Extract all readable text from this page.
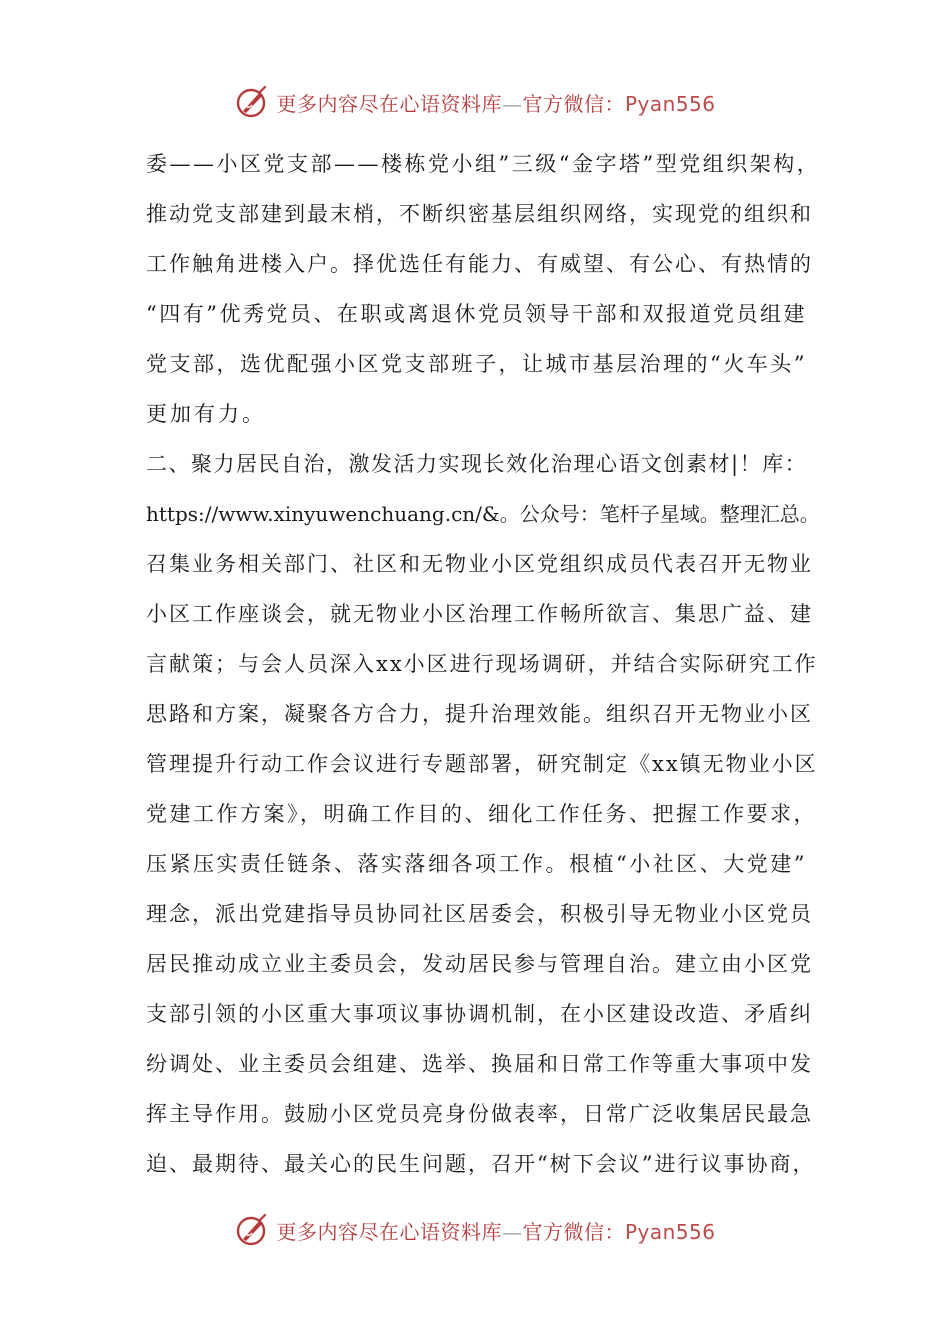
更多内容尽在心语资料库—官方微信：Pyan556
委——小区党支部——楼栋党小组”三级“金字塔”型党组织架构，
推动党支部建到最末梢，不断织密基层组织网络，实现党的组织和
工作触角进楼入户。择优选任有能力、有威望、有公心、有热情的
“四有”优秀党员、在职或离退休党员领导干部和双报道党员组建
党支部，选优配强小区党支部班子，让城市基层治理的“火车头”
更加有力。
二、聚力居民自治，激发活力实现长效化治理心语文创素材|！库：
https://www.xinyuwenchuang.cn/&。公众号：笔杆子星域。整理汇总。
召集业务相关部门、社区和无物业小区党组织成员代表召开无物业
小区工作座谈会，就无物业小区治理工作畅所欲言、集思广益、建
言献策；与会人员深入xx小区进行现场调研，并结合实际研究工作
思路和方案，凝聚各方合力，提升治理效能。组织召开无物业小区
管理提升行动工作会议进行专题部署，研究制定《xx镇无物业小区
党建工作方案》，明确工作目的、细化工作任务、把握工作要求，
压紧压实责任链条、落实落细各项工作。根植“小社区、大党建”
理念，派出党建指导员协同社区居委会，积极引导无物业小区党员
居民推动成立业主委员会，发动居民参与管理自治。建立由小区党
支部引领的小区重大事项议事协调机制，在小区建设改造、矛盾纠
纷调处、业主委员会组建、选举、换届和日常工作等重大事项中发
挥主导作用。鼓励小区党员亮身份做表率，日常广泛收集居民最急
迫、最期待、最关心的民生问题，召开“树下会议”进行议事协商，
更多内容尽在心语资料库—官方微信：Pyan556
